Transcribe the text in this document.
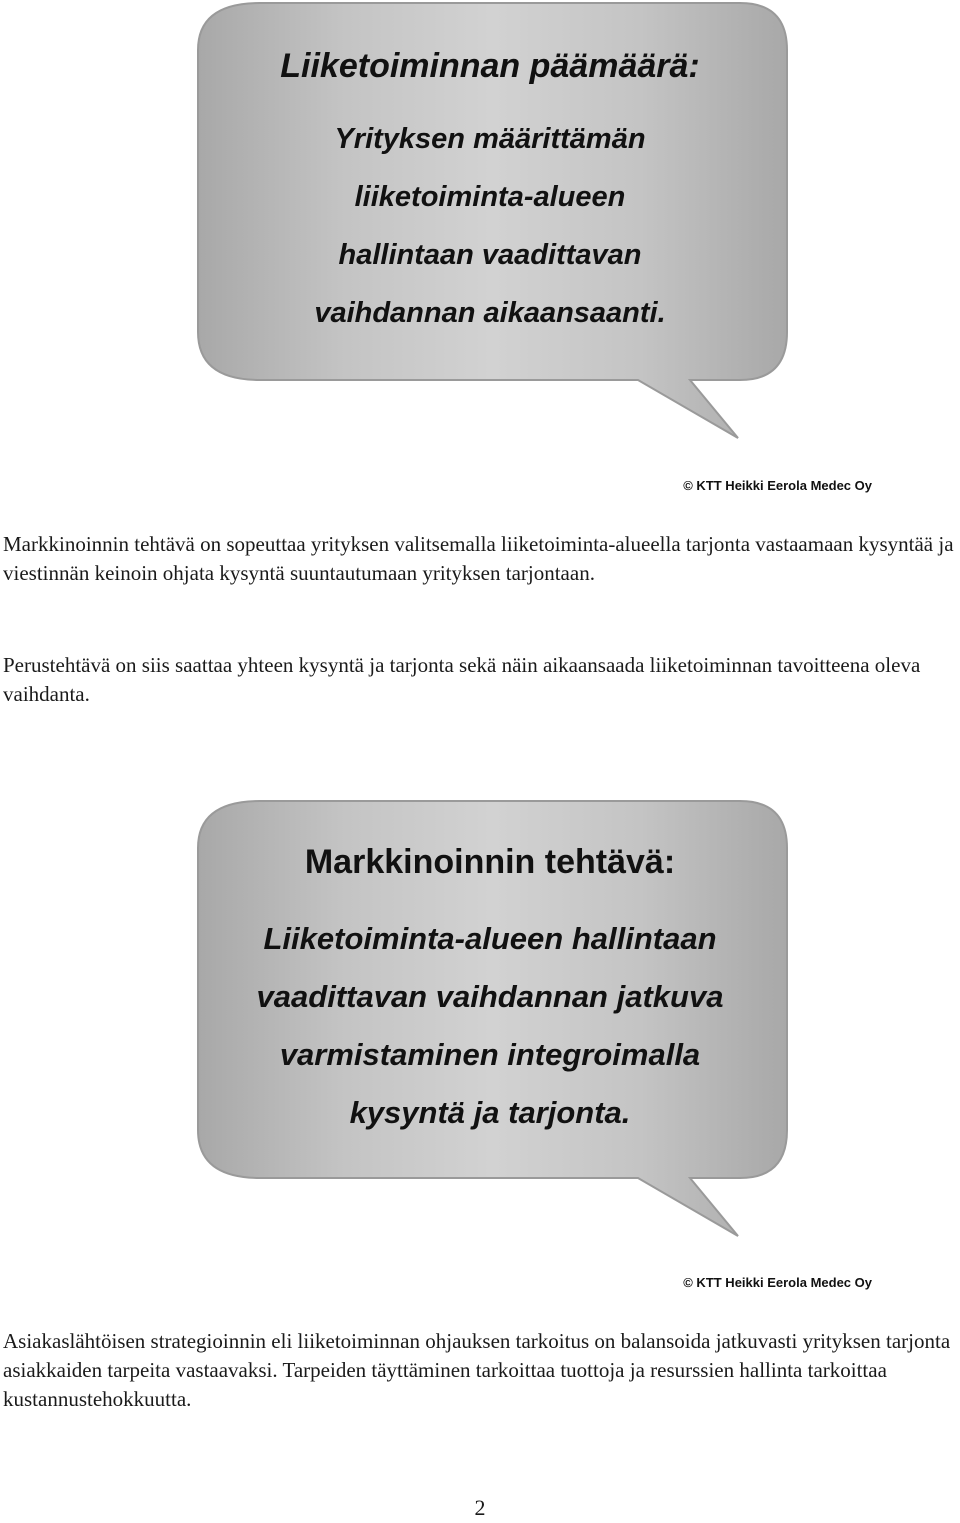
Liiketoiminnan päämäärä:
Yrityksen määrittämän
liiketoiminta-alueen
hallintaan vaadittavan
vaihdannan aikaansaanti.
© KTT Heikki Eerola Medec Oy

Markkinoinnin tehtävä on sopeuttaa yrityksen valitsemalla liiketoiminta-alueella tarjonta vastaamaan kysyntää ja viestinnän keinoin ohjata kysyntä suuntautumaan yrityksen tarjontaan.

Perustehtävä on siis saattaa yhteen kysyntä ja tarjonta sekä näin aikaansaada liiketoiminnan tavoitteena oleva vaihdanta.

Markkinoinnin tehtävä:
Liiketoiminta-alueen hallintaan
vaadittavan vaihdannan jatkuva
varmistaminen integroimalla
kysyntä ja tarjonta.
© KTT Heikki Eerola Medec Oy

Asiakaslähtöisen strategioinnin eli liiketoiminnan ohjauksen tarkoitus on balansoida jatkuvasti yrityksen tarjonta asiakkaiden tarpeita vastaavaksi. Tarpeiden täyttäminen tarkoittaa tuottoja ja resurssien hallinta tarkoittaa kustannustehokkuutta.

2
